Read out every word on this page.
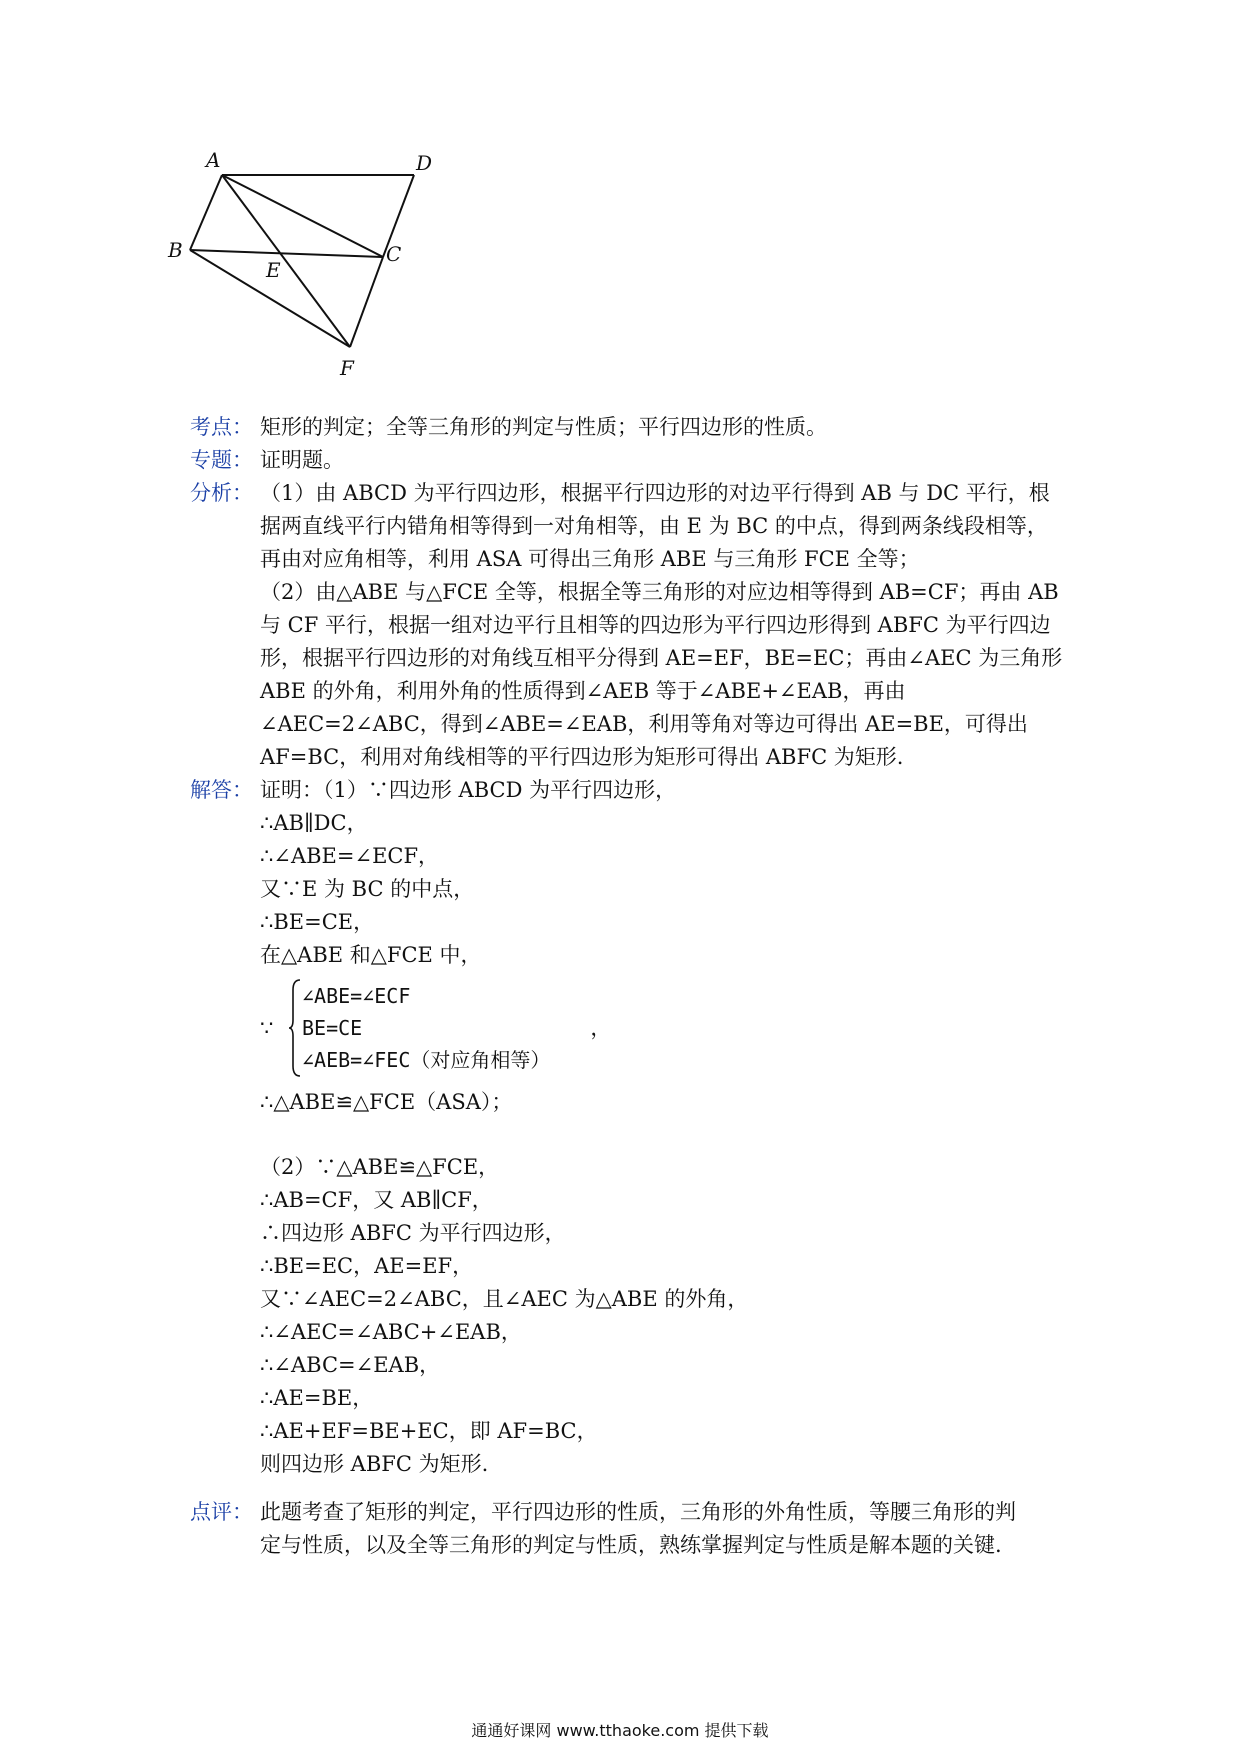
A	D
B	C
E
F
考点： 矩形的判定；全等三角形的判定与性质；平行四边形的性质。
专题： 证明题。
分析： （1）由 ABCD 为平行四边形，根据平行四边形的对边平行得到 AB 与 DC 平行，根
据两直线平行内错角相等得到一对角相等，由 E 为 BC 的中点，得到两条线段相等，
再由对应角相等，利用 ASA 可得出三角形 ABE 与三角形 FCE 全等；
（2）由△ABE 与△FCE 全等，根据全等三角形的对应边相等得到 AB=CF；再由 AB
与 CF 平行，根据一组对边平行且相等的四边形为平行四边形得到 ABFC 为平行四边
形，根据平行四边形的对角线互相平分得到 AE=EF，BE=EC；再由∠AEC 为三角形
ABE 的外角，利用外角的性质得到∠AEB 等于∠ABE+∠EAB，再由
∠AEC=2∠ABC，得到∠ABE=∠EAB，利用等角对等边可得出 AE=BE，可得出
AF=BC，利用对角线相等的平行四边形为矩形可得出 ABFC 为矩形.
解答： 证明：（1）∵四边形 ABCD 为平行四边形，
∴AB∥DC，
∴∠ABE=∠ECF，
又∵E 为 BC 的中点，
∴BE=CE，
在△ABE 和△FCE 中，
∵
∠ABE=∠ECF
BE=CE
∠AEB=∠FEC（对应角相等）
，
∴△ABE≌△FCE（ASA）；
（2）∵△ABE≌△FCE，
∴AB=CF，又 AB∥CF，
∴四边形 ABFC 为平行四边形，
∴BE=EC，AE=EF，
又∵∠AEC=2∠ABC，且∠AEC 为△ABE 的外角，
∴∠AEC=∠ABC+∠EAB，
∴∠ABC=∠EAB，
∴AE=BE，
∴AE+EF=BE+EC，即 AF=BC，
则四边形 ABFC 为矩形.
点评： 此题考查了矩形的判定，平行四边形的性质，三角形的外角性质，等腰三角形的判
定与性质，以及全等三角形的判定与性质，熟练掌握判定与性质是解本题的关键.
通通好课网 www.tthaoke.com 提供下载
